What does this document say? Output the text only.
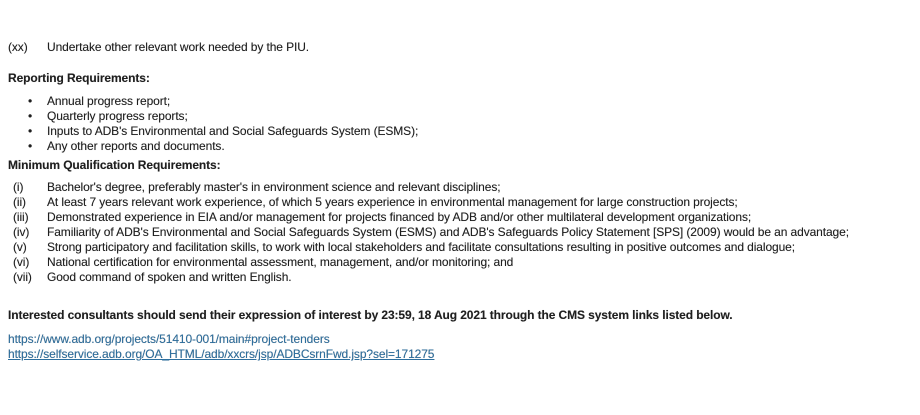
(xx)	Undertake other relevant work needed by the PIU.
Reporting Requirements:
•	Annual progress report;
•	Quarterly progress reports;
•	Inputs to ADB's Environmental and Social Safeguards System (ESMS);
•	Any other reports and documents.
Minimum Qualification Requirements:
(i)	Bachelor's degree, preferably master's in environment science and relevant disciplines;
(ii)	At least 7 years relevant work experience, of which 5 years experience in environmental management for large construction projects;
(iii)	Demonstrated experience in EIA and/or management for projects financed by ADB and/or other multilateral development organizations;
(iv)	Familiarity of ADB's Environmental and Social Safeguards System (ESMS) and ADB's Safeguards Policy Statement [SPS] (2009) would be an advantage;
(v)	Strong participatory and facilitation skills, to work with local stakeholders and facilitate consultations resulting in positive outcomes and dialogue;
(vi)	National certification for environmental assessment, management, and/or monitoring; and
(vii)	Good command of spoken and written English.
Interested consultants should send their expression of interest by 23:59, 18 Aug 2021 through the CMS system links listed below.
https://www.adb.org/projects/51410-001/main#project-tenders
https://selfservice.adb.org/OA_HTML/adb/xxcrs/jsp/ADBCsrnFwd.jsp?sel=171275
